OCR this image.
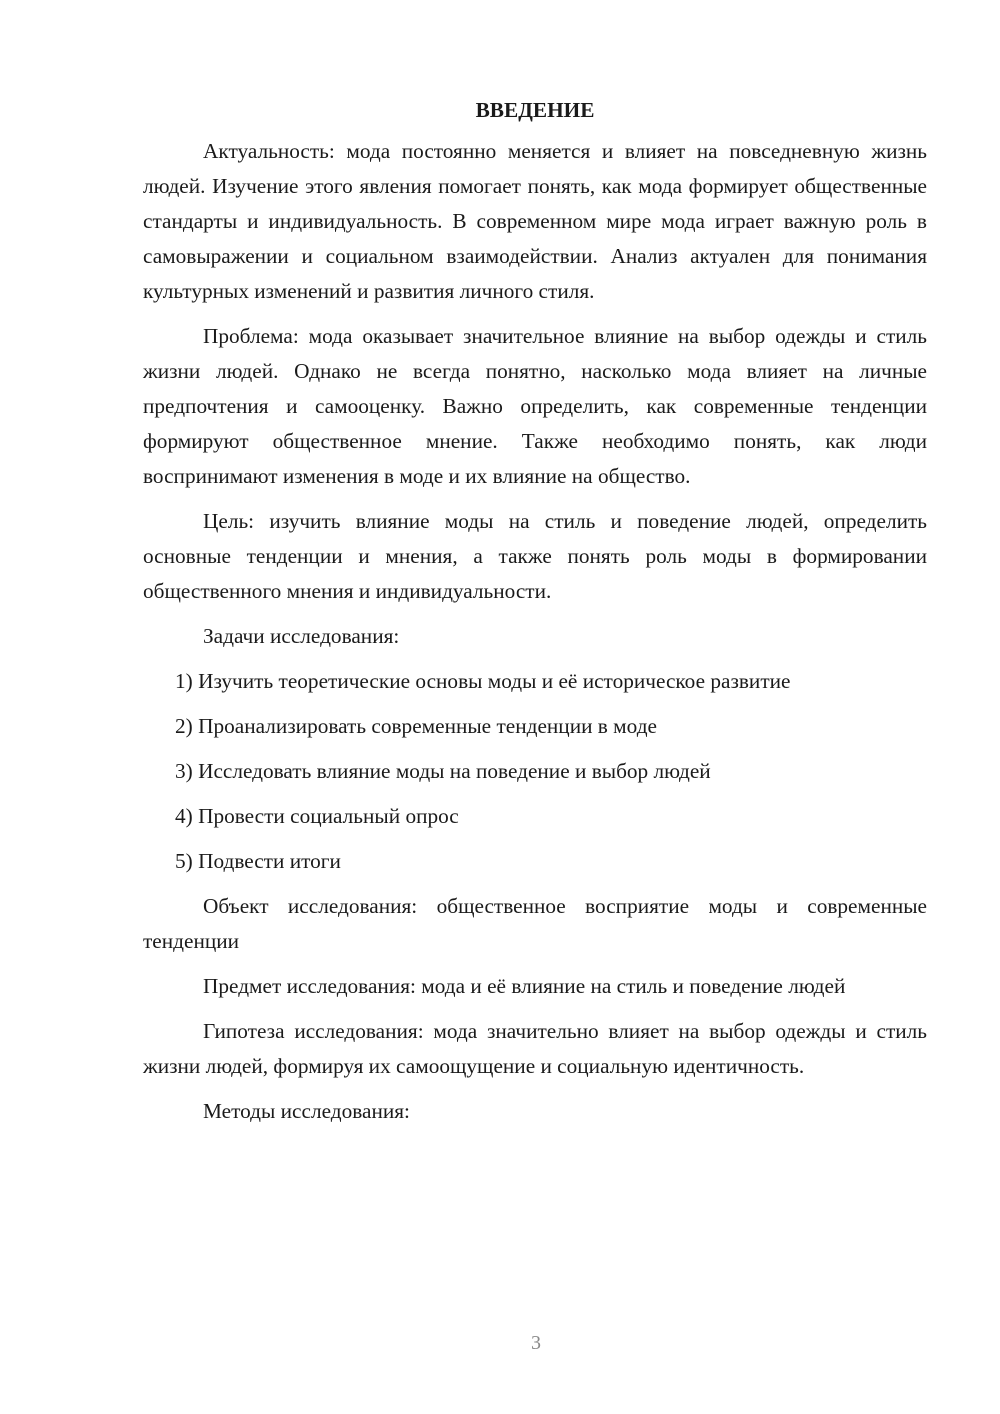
ВВЕДЕНИЕ

Актуальность: мода постоянно меняется и влияет на повседневную жизнь людей. Изучение этого явления помогает понять, как мода формирует общественные стандарты и индивидуальность. В современном мире мода играет важную роль в самовыражении и социальном взаимодействии. Анализ актуален для понимания культурных изменений и развития личного стиля.

Проблема: мода оказывает значительное влияние на выбор одежды и стиль жизни людей. Однако не всегда понятно, насколько мода влияет на личные предпочтения и самооценку. Важно определить, как современные тенденции формируют общественное мнение. Также необходимо понять, как люди воспринимают изменения в моде и их влияние на общество.

Цель: изучить влияние моды на стиль и поведение людей, определить основные тенденции и мнения, а также понять роль моды в формировании общественного мнения и индивидуальности.

Задачи исследования:

1) Изучить теоретические основы моды и её историческое развитие

2) Проанализировать современные тенденции в моде

3) Исследовать влияние моды на поведение и выбор людей

4) Провести социальный опрос

5) Подвести итоги

Объект исследования: общественное восприятие моды и современные тенденции

Предмет исследования: мода и её влияние на стиль и поведение людей

Гипотеза исследования: мода значительно влияет на выбор одежды и стиль жизни людей, формируя их самоощущение и социальную идентичность.

Методы исследования:

3
